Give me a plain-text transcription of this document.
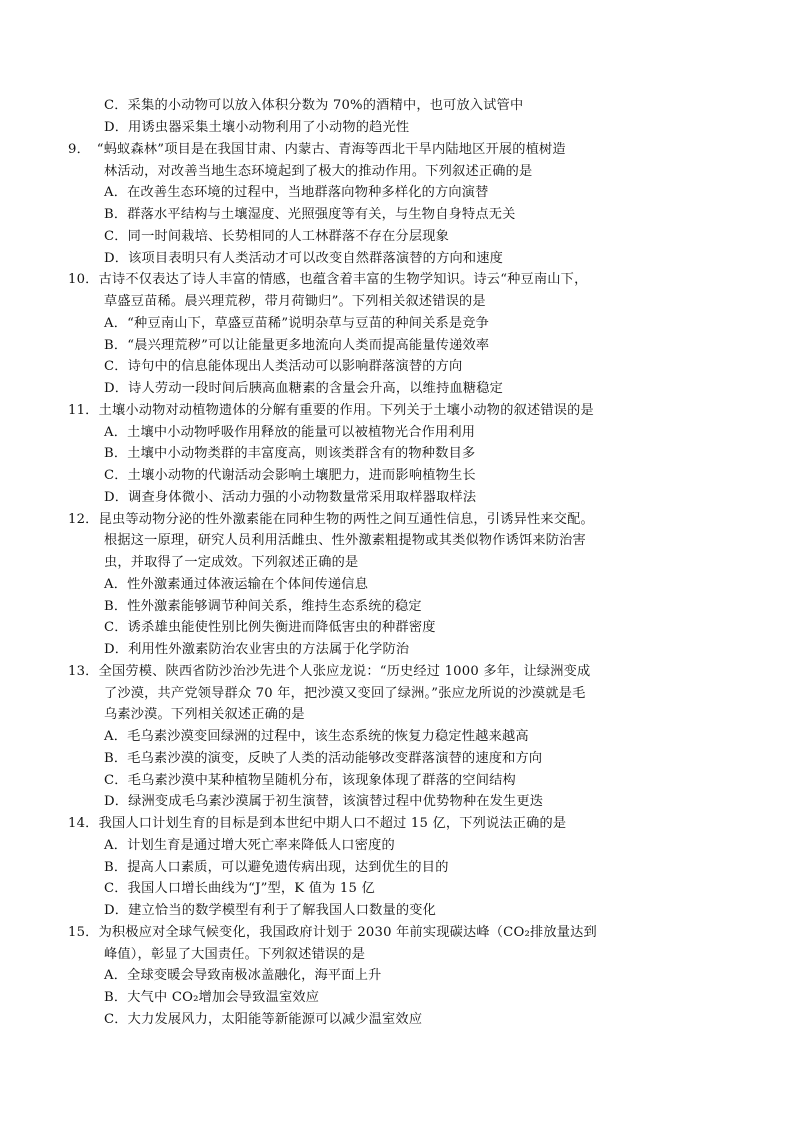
C．采集的小动物可以放入体积分数为 70%的酒精中，也可放入试管中
D．用诱虫器采集土壤小动物利用了小动物的趋光性
9．　“蚂蚁森林”项目是在我国甘肃、内蒙古、青海等西北干旱内陆地区开展的植树造
林活动，对改善当地生态环境起到了极大的推动作用。下列叙述正确的是
A．在改善生态环境的过程中，当地群落向物种多样化的方向演替
B．群落水平结构与土壤湿度、光照强度等有关，与生物自身特点无关
C．同一时间栽培、长势相同的人工林群落不存在分层现象
D．该项目表明只有人类活动才可以改变自然群落演替的方向和速度
10．古诗不仅表达了诗人丰富的情感，也蕴含着丰富的生物学知识。诗云“种豆南山下，
草盛豆苗稀。晨兴理荒秽，带月荷锄归”。下列相关叙述错误的是
A．“种豆南山下，草盛豆苗稀”说明杂草与豆苗的种间关系是竞争
B．“晨兴理荒秽”可以让能量更多地流向人类而提高能量传递效率
C．诗句中的信息能体现出人类活动可以影响群落演替的方向
D．诗人劳动一段时间后胰高血糖素的含量会升高，以维持血糖稳定
11．土壤小动物对动植物遗体的分解有重要的作用。下列关于土壤小动物的叙述错误的是
A．土壤中小动物呼吸作用释放的能量可以被植物光合作用利用
B．土壤中小动物类群的丰富度高，则该类群含有的物种数目多
C．土壤小动物的代谢活动会影响土壤肥力，进而影响植物生长
D．调查身体微小、活动力强的小动物数量常采用取样器取样法
12．昆虫等动物分泌的性外激素能在同种生物的两性之间互通性信息，引诱异性来交配。
根据这一原理，研究人员利用活雌虫、性外激素粗提物或其类似物作诱饵来防治害
虫，并取得了一定成效。下列叙述正确的是
A．性外激素通过体液运输在个体间传递信息
B．性外激素能够调节种间关系，维持生态系统的稳定
C．诱杀雄虫能使性别比例失衡进而降低害虫的种群密度
D．利用性外激素防治农业害虫的方法属于化学防治
13．全国劳模、陕西省防沙治沙先进个人张应龙说：“历史经过 1000 多年，让绿洲变成
了沙漠，共产党领导群众 70 年，把沙漠又变回了绿洲。”张应龙所说的沙漠就是毛
乌素沙漠。下列相关叙述正确的是
A．毛乌素沙漠变回绿洲的过程中，该生态系统的恢复力稳定性越来越高
B．毛乌素沙漠的演变，反映了人类的活动能够改变群落演替的速度和方向
C．毛乌素沙漠中某种植物呈随机分布，该现象体现了群落的空间结构
D．绿洲变成毛乌素沙漠属于初生演替，该演替过程中优势物种在发生更迭
14．我国人口计划生育的目标是到本世纪中期人口不超过 15 亿，下列说法正确的是
A．计划生育是通过增大死亡率来降低人口密度的
B．提高人口素质，可以避免遗传病出现，达到优生的目的
C．我国人口增长曲线为“J”型，K 值为 15 亿
D．建立恰当的数学模型有利于了解我国人口数量的变化
15．为积极应对全球气候变化，我国政府计划于 2030 年前实现碳达峰（CO₂排放量达到
峰值），彰显了大国责任。下列叙述错误的是
A．全球变暖会导致南极冰盖融化，海平面上升
B．大气中 CO₂增加会导致温室效应
C．大力发展风力，太阳能等新能源可以减少温室效应
